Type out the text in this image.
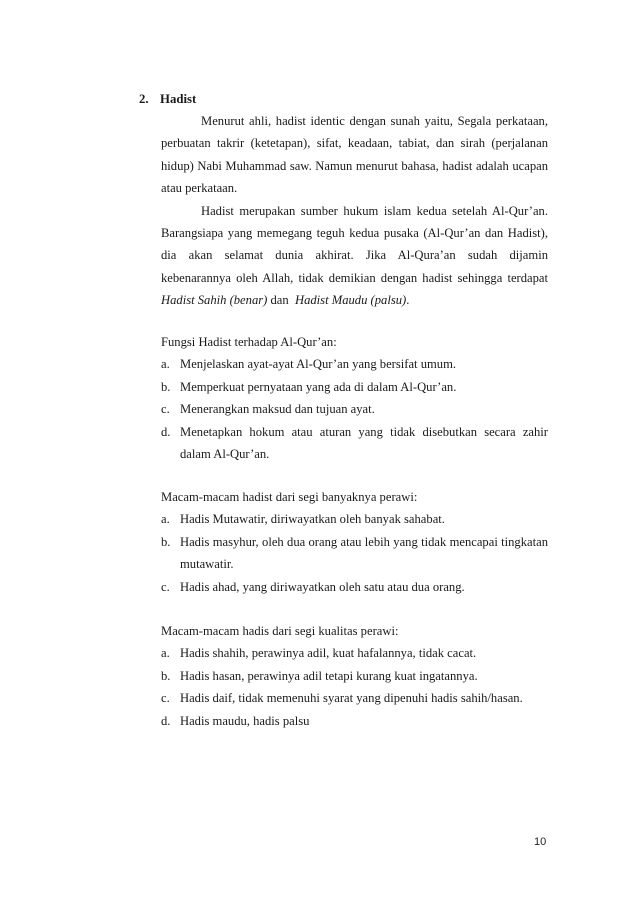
2. Hadist
Menurut ahli, hadist identic dengan sunah yaitu, Segala perkataan, perbuatan takrir (ketetapan), sifat, keadaan, tabiat, dan sirah (perjalanan hidup) Nabi Muhammad saw. Namun menurut bahasa, hadist adalah ucapan atau perkataan.
Hadist merupakan sumber hukum islam kedua setelah Al-Qur’an. Barangsiapa yang memegang teguh kedua pusaka (Al-Qur’an dan Hadist), dia akan selamat dunia akhirat. Jika Al-Qura’an sudah dijamin kebenarannya oleh Allah, tidak demikian dengan hadist sehingga terdapat Hadist Sahih (benar) dan Hadist Maudu (palsu).
Fungsi Hadist terhadap Al-Qur’an:
a. Menjelaskan ayat-ayat Al-Qur’an yang bersifat umum.
b. Memperkuat pernyataan yang ada di dalam Al-Qur’an.
c. Menerangkan maksud dan tujuan ayat.
d. Menetapkan hokum atau aturan yang tidak disebutkan secara zahir dalam Al-Qur’an.
Macam-macam hadist dari segi banyaknya perawi:
a. Hadis Mutawatir, diriwayatkan oleh banyak sahabat.
b. Hadis masyhur, oleh dua orang atau lebih yang tidak mencapai tingkatan mutawatir.
c. Hadis ahad, yang diriwayatkan oleh satu atau dua orang.
Macam-macam hadis dari segi kualitas perawi:
a. Hadis shahih, perawinya adil, kuat hafalannya, tidak cacat.
b. Hadis hasan, perawinya adil tetapi kurang kuat ingatannya.
c. Hadis daif, tidak memenuhi syarat yang dipenuhi hadis sahih/hasan.
d. Hadis maudu, hadis palsu
10
